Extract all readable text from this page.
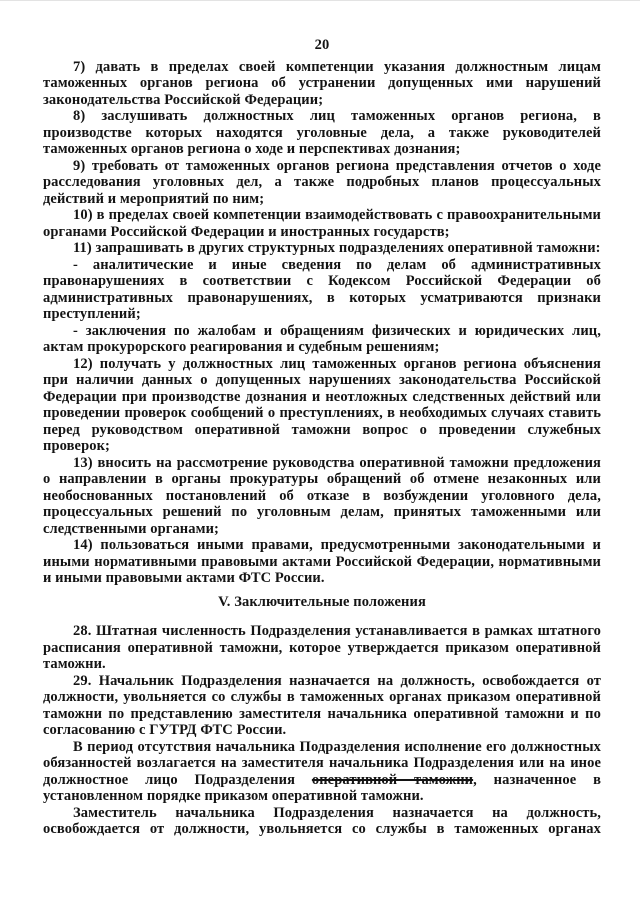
20

7) давать в пределах своей компетенции указания должностным лицам таможенных органов региона об устранении допущенных ими нарушений законодательства Российской Федерации;

8) заслушивать должностных лиц таможенных органов региона, в производстве которых находятся уголовные дела, а также руководителей таможенных органов региона о ходе и перспективах дознания;

9) требовать от таможенных органов региона представления отчетов о ходе расследования уголовных дел, а также подробных планов процессуальных действий и мероприятий по ним;

10) в пределах своей компетенции взаимодействовать с правоохранительными органами Российской Федерации и иностранных государств;

11) запрашивать в других структурных подразделениях оперативной таможни:

- аналитические и иные сведения по делам об административных правонарушениях в соответствии с Кодексом Российской Федерации об административных правонарушениях, в которых усматриваются признаки преступлений;

- заключения по жалобам и обращениям физических и юридических лиц, актам прокурорского реагирования и судебным решениям;

12) получать у должностных лиц таможенных органов региона объяснения при наличии данных о допущенных нарушениях законодательства Российской Федерации при производстве дознания и неотложных следственных действий или проведении проверок сообщений о преступлениях, в необходимых случаях ставить перед руководством оперативной таможни вопрос о проведении служебных проверок;

13) вносить на рассмотрение руководства оперативной таможни предложения о направлении в органы прокуратуры обращений об отмене незаконных или необоснованных постановлений об отказе в возбуждении уголовного дела, процессуальных решений по уголовным делам, принятых таможенными или следственными органами;

14) пользоваться иными правами, предусмотренными законодательными и иными нормативными правовыми актами Российской Федерации, нормативными и иными правовыми актами ФТС России.

V. Заключительные положения

28. Штатная численность Подразделения устанавливается в рамках штатного расписания оперативной таможни, которое утверждается приказом оперативной таможни.

29. Начальник Подразделения назначается на должность, освобождается от должности, увольняется со службы в таможенных органах приказом оперативной таможни по представлению заместителя начальника оперативной таможни и по согласованию с ГУТРД ФТС России.

В период отсутствия начальника Подразделения исполнение его должностных обязанностей возлагается на заместителя начальника Подразделения или на иное должностное лицо Подразделения оперативной таможни, назначенное в установленном порядке приказом оперативной таможни.

Заместитель начальника Подразделения назначается на должность, освобождается от должности, увольняется со службы в таможенных органах
